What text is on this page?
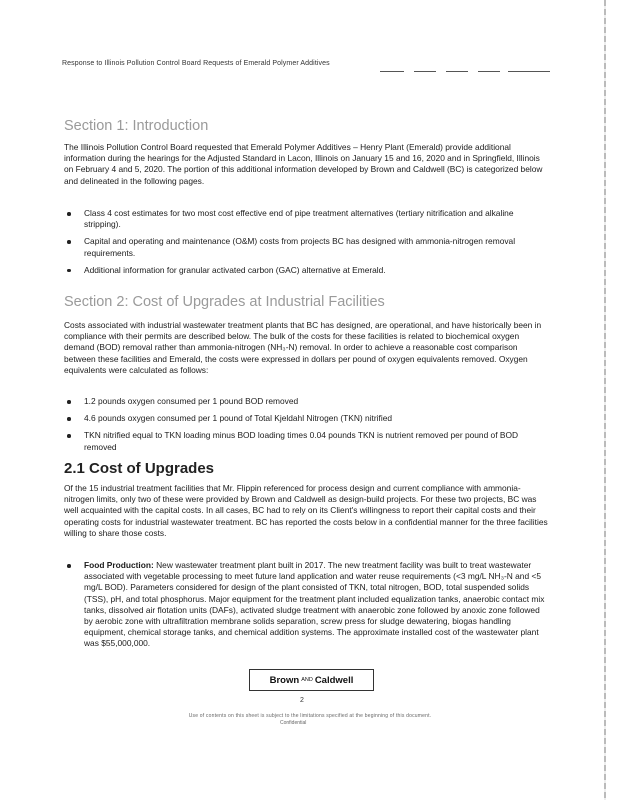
Response to Illinois Pollution Control Board Requests of Emerald Polymer Additives
Section 1: Introduction

The Illinois Pollution Control Board requested that Emerald Polymer Additives – Henry Plant (Emerald) provide additional information during the hearings for the Adjusted Standard in Lacon, Illinois on January 15 and 16, 2020 and in Springfield, Illinois on February 4 and 5, 2020. The portion of this additional information developed by Brown and Caldwell (BC) is categorized below and delineated in the following pages.

Class 4 cost estimates for two most cost effective end of pipe treatment alternatives (tertiary nitrification and alkaline stripping).
Capital and operating and maintenance (O&M) costs from projects BC has designed with ammonia-nitrogen removal requirements.
Additional information for granular activated carbon (GAC) alternative at Emerald.
Section 2: Cost of Upgrades at Industrial Facilities

Costs associated with industrial wastewater treatment plants that BC has designed, are operational, and have historically been in compliance with their permits are described below. The bulk of the costs for these facilities is related to biochemical oxygen demand (BOD) removal rather than ammonia-nitrogen (NH₃-N) removal. In order to achieve a reasonable cost comparison between these facilities and Emerald, the costs were expressed in dollars per pound of oxygen equivalents removed. Oxygen equivalents were calculated as follows:

1.2 pounds oxygen consumed per 1 pound BOD removed
4.6 pounds oxygen consumed per 1 pound of Total Kjeldahl Nitrogen (TKN) nitrified
TKN nitrified equal to TKN loading minus BOD loading times 0.04 pounds TKN is nutrient removed per pound of BOD removed
2.1 Cost of Upgrades

Of the 15 industrial treatment facilities that Mr. Flippin referenced for process design and current compliance with ammonia-nitrogen limits, only two of these were provided by Brown and Caldwell as design-build projects. For these two projects, BC was well acquainted with the capital costs. In all cases, BC had to rely on its Client's willingness to report their capital costs and their operating costs for industrial wastewater treatment. BC has reported the costs below in a confidential manner for the three facilities willing to share those costs.

Food Production: New wastewater treatment plant built in 2017. The new treatment facility was built to treat wastewater associated with vegetable processing to meet future land application and water reuse requirements (<3 mg/L NH₃-N and <5 mg/L BOD). Parameters considered for design of the plant consisted of TKN, total nitrogen, BOD, total suspended solids (TSS), pH, and total phosphorus. Major equipment for the treatment plant included equalization tanks, anaerobic contact mix tanks, dissolved air flotation units (DAFs), activated sludge treatment with anaerobic zone followed by anoxic zone followed by aerobic zone with ultrafiltration membrane solids separation, screw press for sludge dewatering, biogas handling equipment, chemical storage tanks, and chemical addition systems. The approximate installed cost of the wastewater plant was $55,000,000.
Brown AND Caldwell
2
Use of contents on this sheet is subject to the limitations specified at the beginning of this document.
Confidential
